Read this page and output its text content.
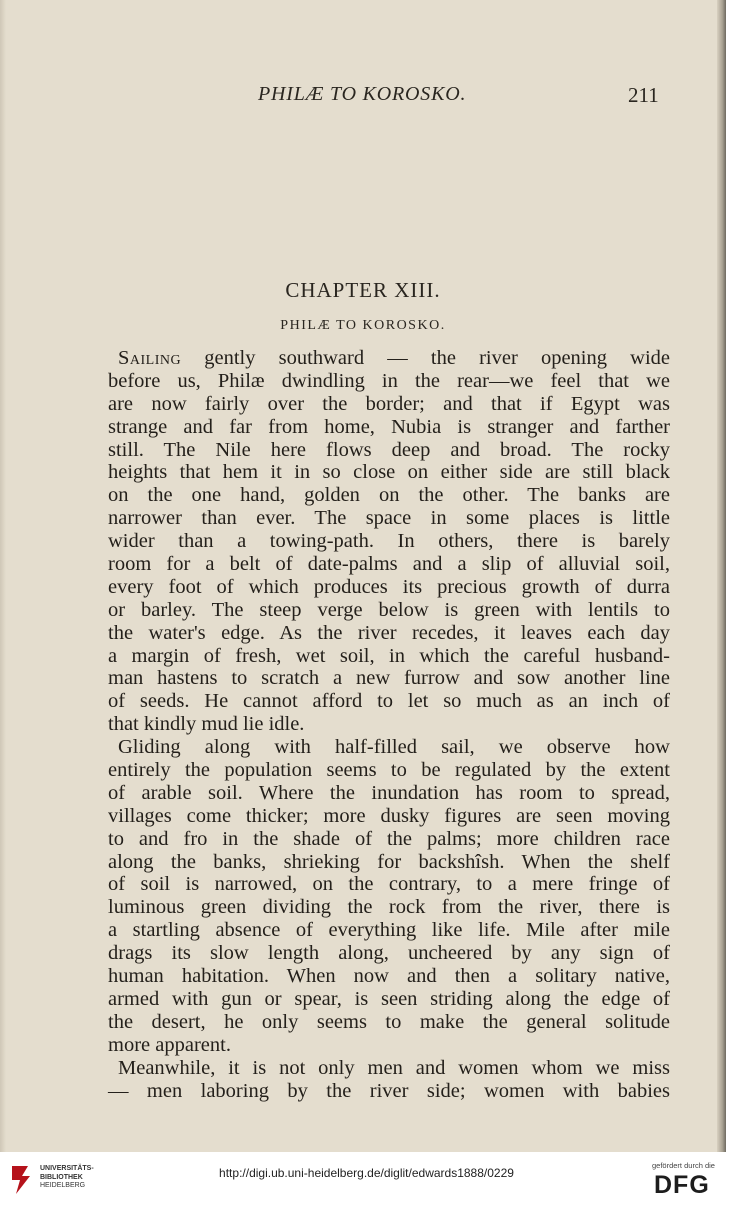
PHILÆ TO KOROSKO.	211
CHAPTER XIII.
PHILÆ TO KOROSKO.
Sailing gently southward — the river opening wide
before us, Philæ dwindling in the rear—we feel that we
are now fairly over the border; and that if Egypt was
strange and far from home, Nubia is stranger and farther
still. The Nile here flows deep and broad. The rocky
heights that hem it in so close on either side are still black
on the one hand, golden on the other. The banks are
narrower than ever. The space in some places is little
wider than a towing-path. In others, there is barely
room for a belt of date-palms and a slip of alluvial soil,
every foot of which produces its precious growth of durra
or barley. The steep verge below is green with lentils to
the water's edge. As the river recedes, it leaves each day
a margin of fresh, wet soil, in which the careful husband-
man hastens to scratch a new furrow and sow another line
of seeds. He cannot afford to let so much as an inch of
that kindly mud lie idle.
Gliding along with half-filled sail, we observe how
entirely the population seems to be regulated by the extent
of arable soil. Where the inundation has room to spread,
villages come thicker; more dusky figures are seen moving
to and fro in the shade of the palms; more children race
along the banks, shrieking for backshîsh. When the shelf
of soil is narrowed, on the contrary, to a mere fringe of
luminous green dividing the rock from the river, there is
a startling absence of everything like life. Mile after mile
drags its slow length along, uncheered by any sign of
human habitation. When now and then a solitary native,
armed with gun or spear, is seen striding along the edge of
the desert, he only seems to make the general solitude
more apparent.
Meanwhile, it is not only men and women whom we miss
— men laboring by the river side; women with babies
UNIVERSITÄTS-
BIBLIOTHEK
HEIDELBERG
http://digi.ub.uni-heidelberg.de/diglit/edwards1888/0229
gefördert durch die
DFG
